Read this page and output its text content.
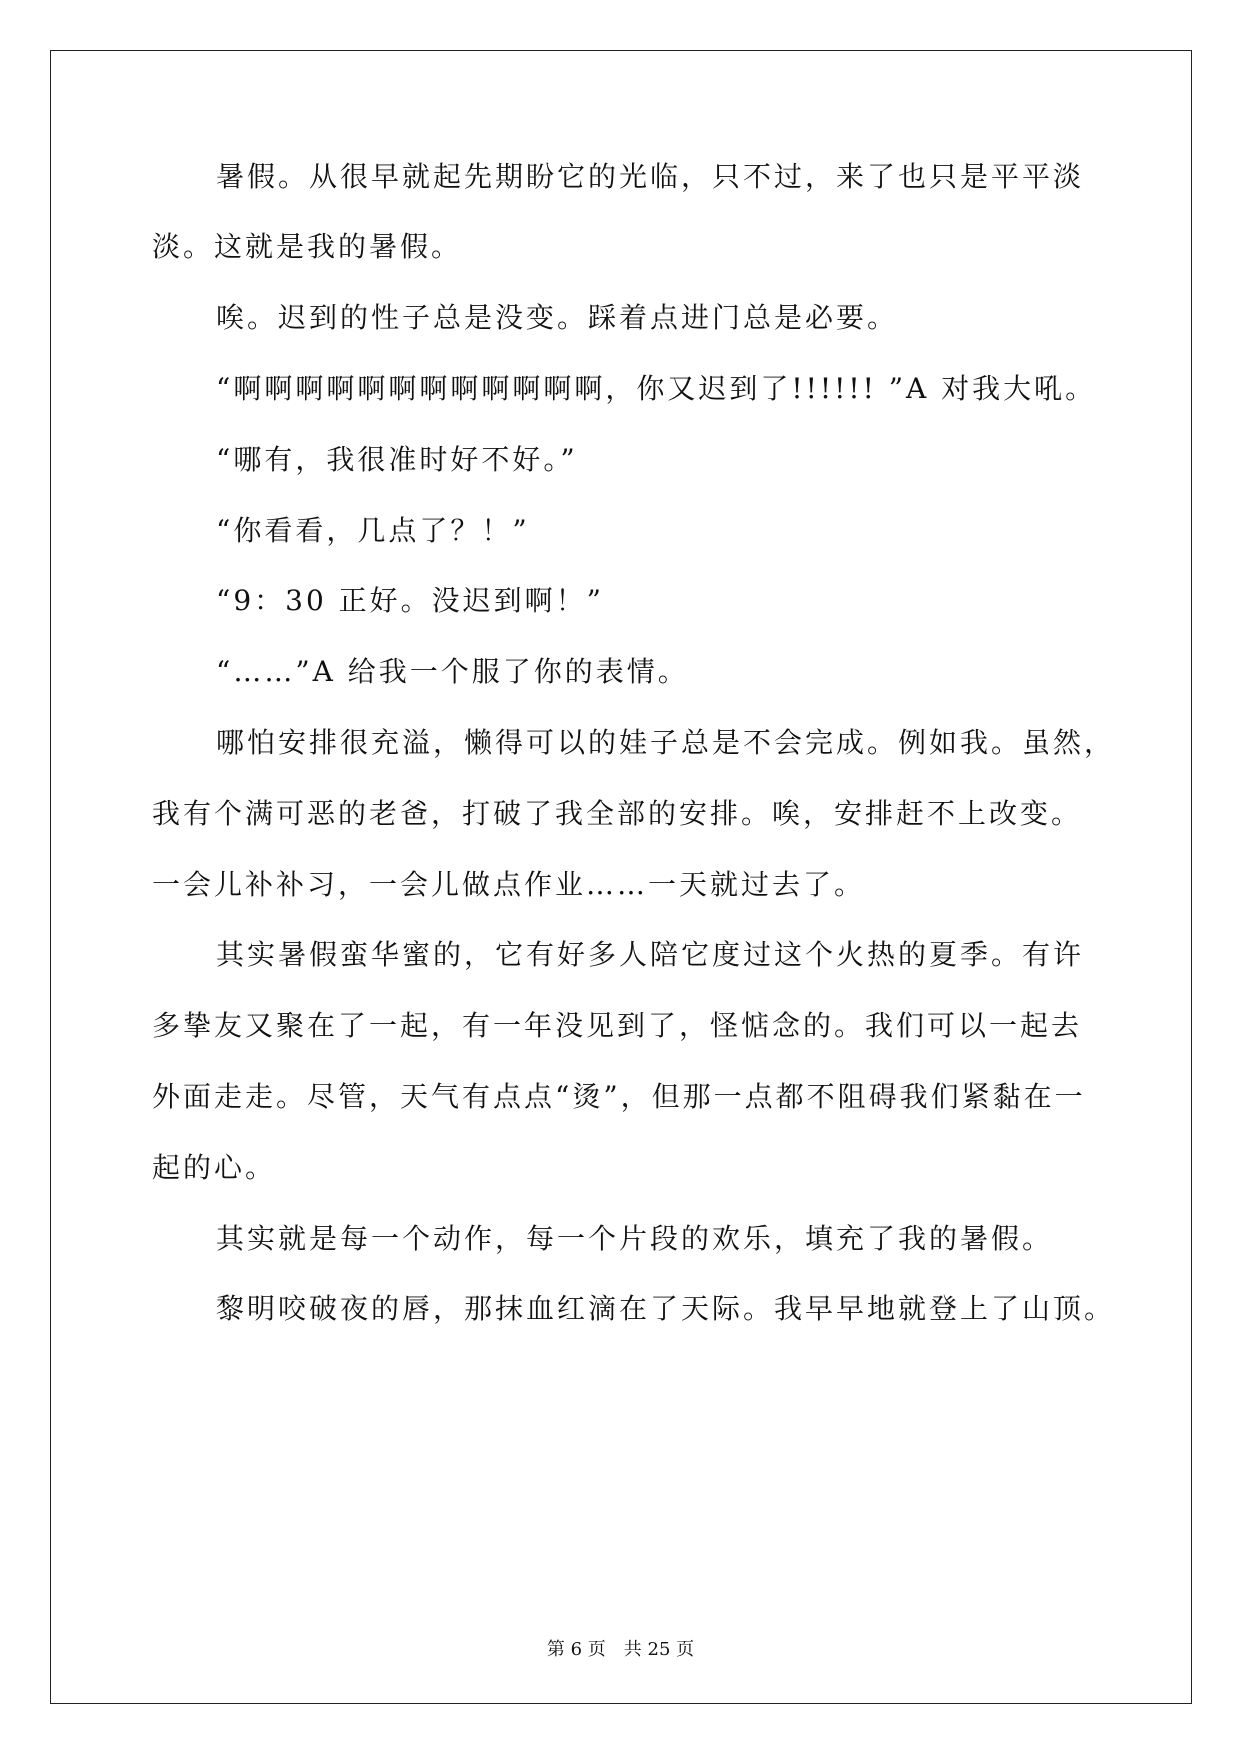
暑假。从很早就起先期盼它的光临，只不过，来了也只是平平淡
淡。这就是我的暑假。
唉。迟到的性子总是没变。踩着点进门总是必要。
“啊啊啊啊啊啊啊啊啊啊啊啊，你又迟到了!!!!!! ”A 对我大吼。
“哪有，我很准时好不好。”
“你看看，几点了？！”
“9：30 正好。没迟到啊！”
“……”A 给我一个服了你的表情。
哪怕安排很充溢，懒得可以的娃子总是不会完成。例如我。虽然，
我有个满可恶的老爸，打破了我全部的安排。唉，安排赶不上改变。
一会儿补补习，一会儿做点作业……一天就过去了。
其实暑假蛮华蜜的，它有好多人陪它度过这个火热的夏季。有许
多挚友又聚在了一起，有一年没见到了，怪惦念的。我们可以一起去
外面走走。尽管，天气有点点“烫”，但那一点都不阻碍我们紧黏在一
起的心。
其实就是每一个动作，每一个片段的欢乐，填充了我的暑假。
黎明咬破夜的唇，那抹血红滴在了天际。我早早地就登上了山顶。
第 6 页　共 25 页
